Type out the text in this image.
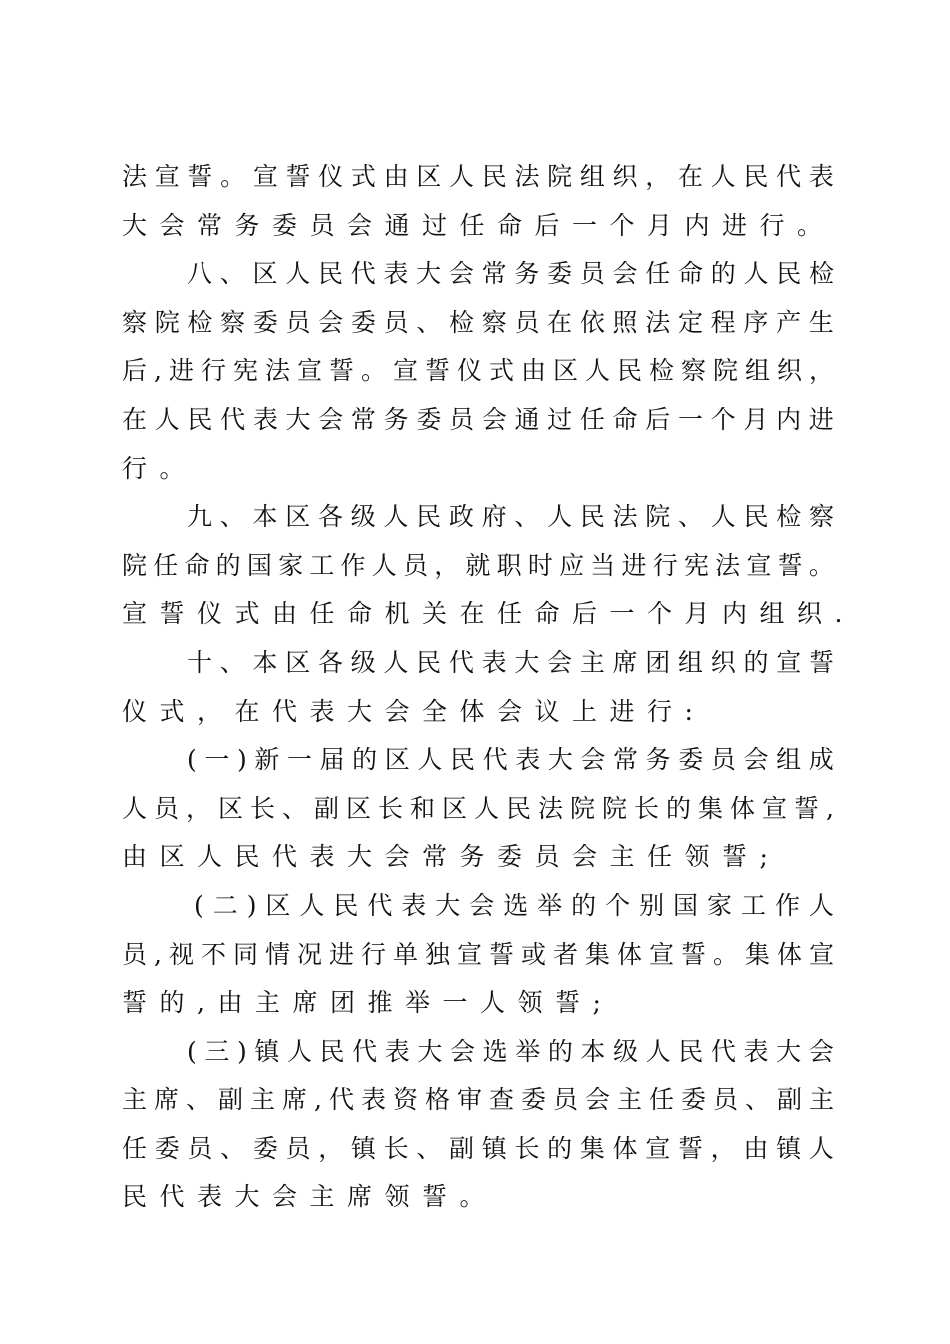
法 宣 誓 。 宣 誓 仪 式 由 区 人 民 法 院 组 织 ， 在 人 民 代 表
大会常务委员会通过任命后一个月内进行。
八 、 区 人 民 代 表 大 会 常 务 委 员 会 任 命 的 人 民 检
察 院 检 察 委 员 会 委 员 、 检 察 员 在 依 照 法 定 程 序 产 生
后 , 进 行 宪 法 宣 誓 。 宣 誓 仪 式 由 区 人 民 检 察 院 组 织 ，
在 人 民 代 表 大 会 常 务 委 员 会 通 过 任 命 后 一 个 月 内 进
行。
九 、 本 区 各 级 人 民 政 府 、 人 民 法 院 、 人 民 检 察
院 任 命 的 国 家 工 作 人 员 ， 就 职 时 应 当 进 行 宪 法 宣 誓 。
宣誓仪式由任命机关在任命后一个月内组织.
十 、 本 区 各 级 人 民 代 表 大 会 主 席 团 组 织 的 宣 誓
仪式，在代表大会全体会议上进行:
( 一 ) 新 一 届 的 区 人 民 代 表 大 会 常 务 委 员 会 组 成
人 员 ， 区 长 、 副 区 长 和 区 人 民 法 院 院 长 的 集 体 宣 誓 ,
由区人民代表大会常务委员会主任领誓;
( 二 ) 区 人 民 代 表 大 会 选 举 的 个 别 国 家 工 作 人
员 , 视 不 同 情 况 进 行 单 独 宣 誓 或 者 集 体 宣 誓 。 集 体 宣
誓的,由主席团推举一人领誓;
( 三 ) 镇 人 民 代 表 大 会 选 举 的 本 级 人 民 代 表 大 会
主 席 、 副 主 席 , 代 表 资 格 审 查 委 员 会 主 任 委 员 、 副 主
任 委 员 、 委 员 ， 镇 长 、 副 镇 长 的 集 体 宣 誓 ， 由 镇 人
民代表大会主席领誓。
